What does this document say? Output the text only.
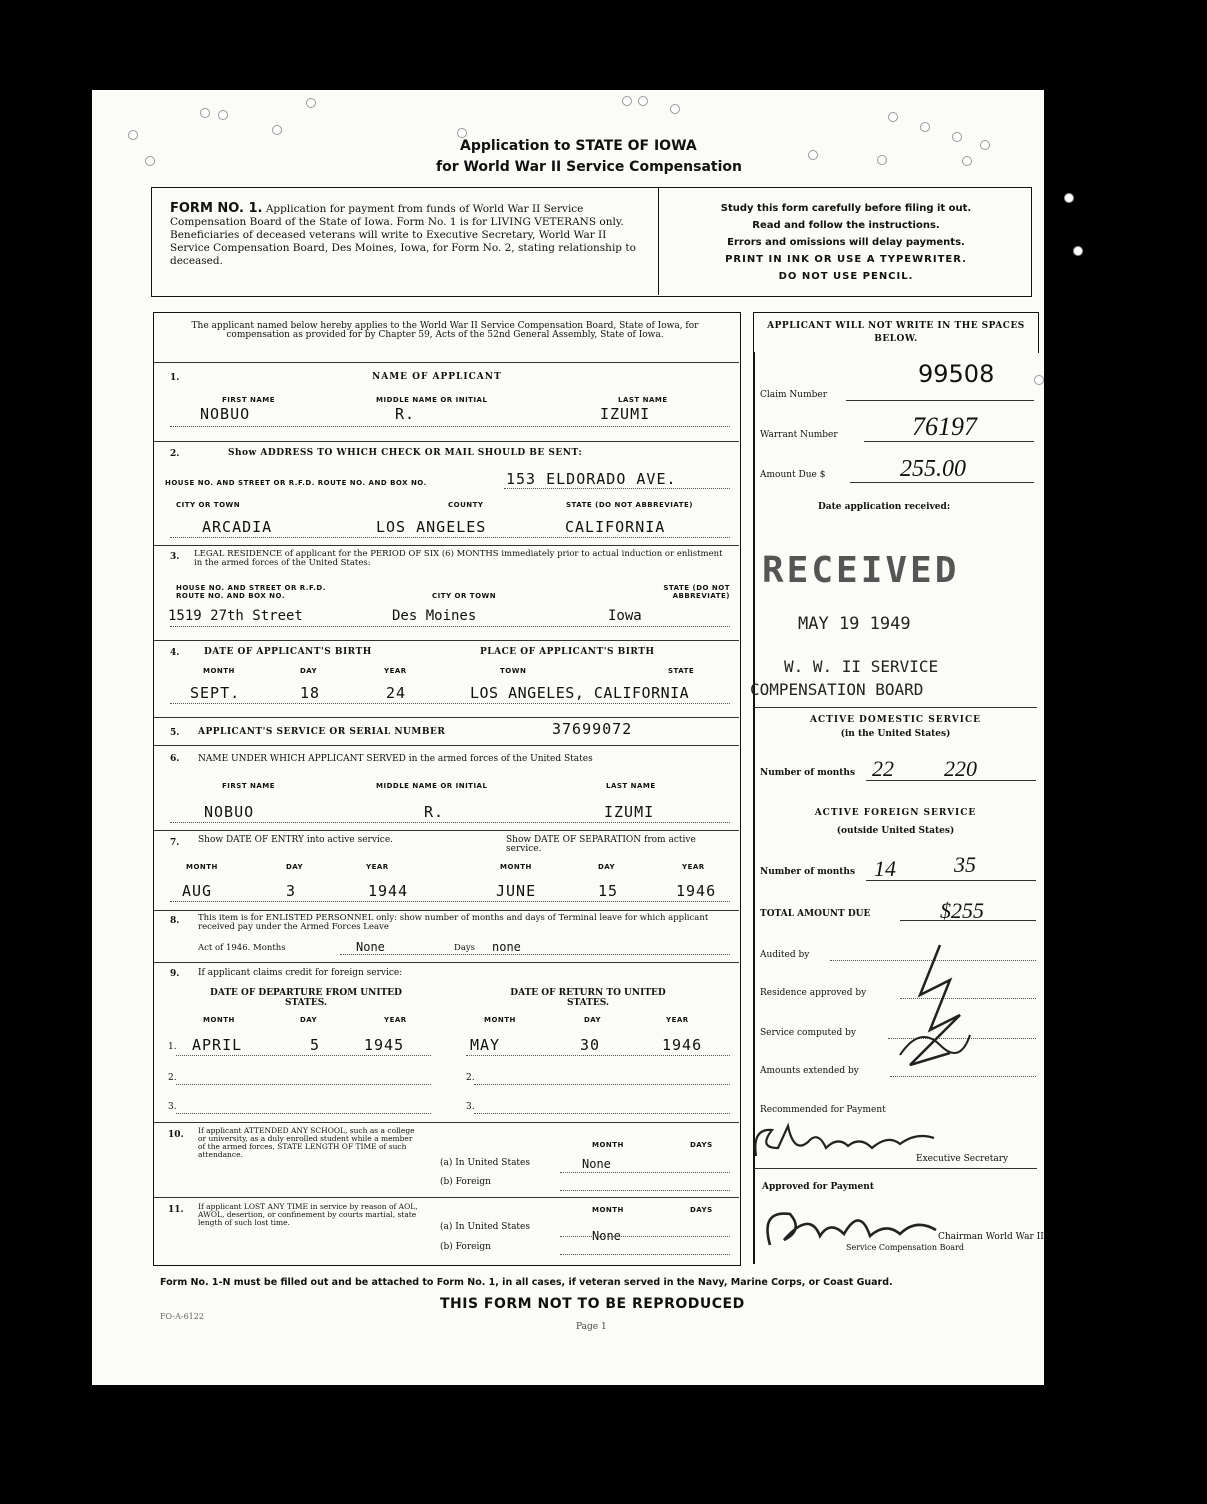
Application to STATE OF IOWA
for World War II Service Compensation
FORM NO. 1. Application for payment from funds of World War II Service Compensation Board of the State of Iowa. Form No. 1 is for LIVING VETERANS only. Beneficiaries of deceased veterans will write to Executive Secretary, World War II Service Compensation Board, Des Moines, Iowa, for Form No. 2, stating relationship to deceased.
Study this form carefully before filing it out.
Read and follow the instructions.
Errors and omissions will delay payments.
PRINT IN INK OR USE A TYPEWRITER.
DO NOT USE PENCIL.
The applicant named below hereby applies to the World War II Service Compensation Board, State of Iowa, for compensation as provided for by Chapter 59, Acts of the 52nd General Assembly, State of Iowa.
1.	NAME OF APPLICANT
FIRST NAME	MIDDLE NAME OR INITIAL	LAST NAME
NOBUO	R.	IZUMI
2.	Show ADDRESS TO WHICH CHECK OR MAIL SHOULD BE SENT:
HOUSE NO. AND STREET OR R.F.D. ROUTE NO. AND BOX NO.	153 ELDORADO AVE.
CITY OR TOWN	COUNTY	STATE (DO NOT ABBREVIATE)
ARCADIA	LOS ANGELES	CALIFORNIA
3. LEGAL RESIDENCE of applicant for the PERIOD OF SIX (6) MONTHS immediately prior to actual induction or enlistment in the armed forces of the United States:
HOUSE NO. AND STREET OR R.F.D. ROUTE NO. AND BOX NO.	CITY OR TOWN
STATE (DO NOT ABBREVIATE)
1519 27th Street	Des Moines	Iowa
4.	DATE OF APPLICANT'S BIRTH	PLACE OF APPLICANT'S BIRTH
MONTH	DAY	YEAR	TOWN	STATE
SEPT.	18	24	LOS ANGELES, CALIFORNIA
5. APPLICANT'S SERVICE OR SERIAL NUMBER	37699072
6. NAME UNDER WHICH APPLICANT SERVED in the armed forces of the United States
FIRST NAME	MIDDLE NAME OR INITIAL	LAST NAME
NOBUO	R.	IZUMI
7. Show DATE OF ENTRY into active service.	Show DATE OF SEPARATION from active service.
MONTH	DAY	YEAR	MONTH	DAY	YEAR
AUG	3	1944	JUNE	15	1946
8. This item is for ENLISTED PERSONNEL only: show number of months and days of Terminal leave for which applicant received pay under the Armed Forces Leave
Act of 1946. Months	None	Days none
9. If applicant claims credit for foreign service:
DATE OF DEPARTURE FROM UNITED STATES.
DATE OF RETURN TO UNITED STATES.
MONTH	DAY	YEAR	MONTH	DAY	YEAR
1. APRIL	5	1945	MAY	30	1946
2.	2.
3.	3.
10. If applicant ATTENDED ANY SCHOOL, such as a college or university, as a duly enrolled student while a member of the armed forces, STATE LENGTH OF TIME of such attendance.
MONTH	DAYS
(a) In United States	None
(b) Foreign
11. If applicant LOST ANY TIME in service by reason of AOL, AWOL, desertion, or confinement by courts martial, state length of such lost time.
MONTH	DAYS
(a) In United States
None
(b) Foreign
APPLICANT WILL NOT WRITE IN THE SPACES BELOW.
99508
Claim Number
76197
Warrant Number
255.00
Amount Due $
Date application received:
RECEIVED
MAY 19 1949
W. W. II SERVICE
COMPENSATION BOARD
ACTIVE DOMESTIC SERVICE
(in the United States)
Number of months 22 220
ACTIVE FOREIGN SERVICE
(outside United States)
Number of months 14	35
TOTAL AMOUNT DUE	$255
Audited by
Residence approved by
Service computed by
Amounts extended by
Recommended for Payment
Executive Secretary
Approved for Payment
Chairman World War II
Service Compensation Board
Form No. 1-N must be filled out and be attached to Form No. 1, in all cases, if veteran served in the Navy, Marine Corps, or Coast Guard.
THIS FORM NOT TO BE REPRODUCED
FO-A-6122
Page 1
